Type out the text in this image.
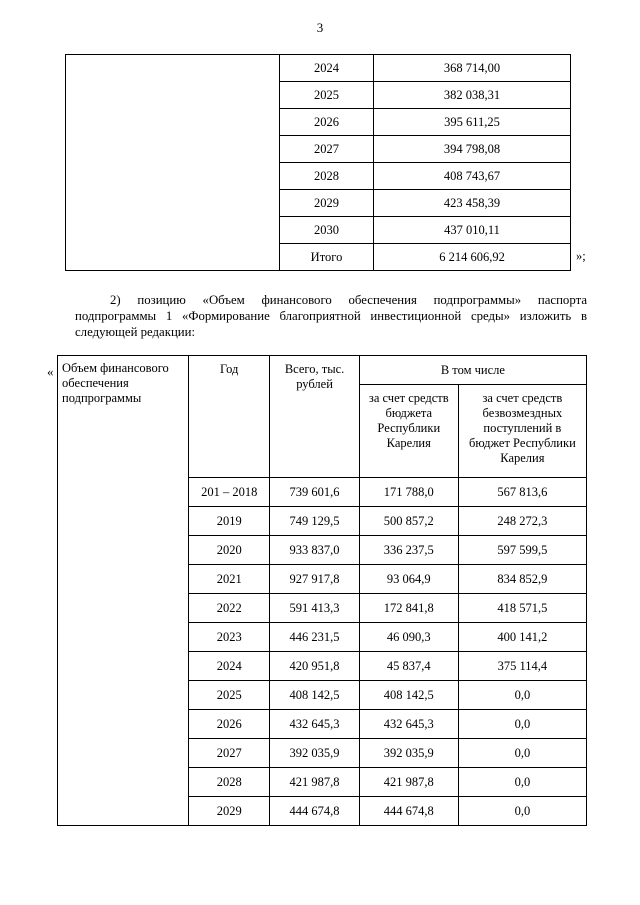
3
	2024	368 714,00
	2025	382 038,31
	2026	395 611,25
	2027	394 798,08
	2028	408 743,67
	2029	423 458,39
	2030	437 010,11
	Итого	6 214 606,92	»;
2) позицию «Объем финансового обеспечения подпрограммы» паспорта подпрограммы 1 «Формирование благоприятной инвестиционной среды» изложить в следующей редакции:
« Объем финансового обеспечения подпрограммы	Год	Всего, тыс. рублей	В том числе	
			за счет средств бюджета Республики Карелия	за счет средств безвозмездных поступлений в бюджет Республики Карелия
	201 – 2018	739 601,6	171 788,0	567 813,6
	2019	749 129,5	500 857,2	248 272,3
	2020	933 837,0	336 237,5	597 599,5
	2021	927 917,8	93 064,9	834 852,9
	2022	591 413,3	172 841,8	418 571,5
	2023	446 231,5	46 090,3	400 141,2
	2024	420 951,8	45 837,4	375 114,4
	2025	408 142,5	408 142,5	0,0
	2026	432 645,3	432 645,3	0,0
	2027	392 035,9	392 035,9	0,0
	2028	421 987,8	421 987,8	0,0
	2029	444 674,8	444 674,8	0,0
